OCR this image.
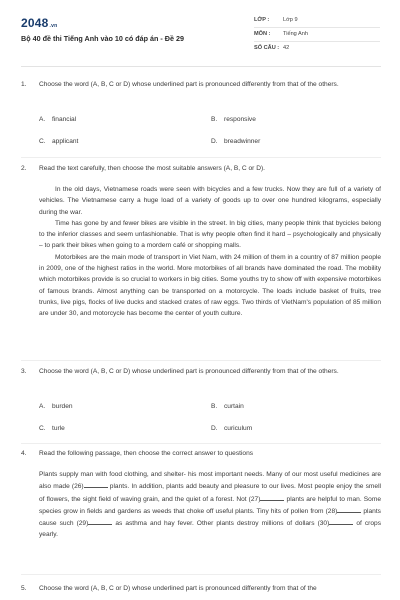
2048.vn
Bộ 40 đề thi Tiếng Anh vào 10 có đáp án - Đề 29
LỚP : Lớp 9
MÔN : Tiếng Anh
SỐ CÂU : 42
1. Choose the word (A, B, C or D) whose underlined part is pronounced differently from that of the others.
A. financial	B. responsive
C. applicant	D. breadwinner
2. Read the text carefully, then choose the most suitable answers (A, B, C or D).

In the old days, Vietnamese roads were seen with bicycles and a few trucks. Now they are full of a variety of vehicles. The Vietnamese carry a huge load of a variety of goods up to over one hundred kilograms, especially during the war.

Time has gone by and fewer bikes are visible in the street. In big cities, many people think that bycicles belong to the inferior classes and seem unfashionable. That is why people often find it hard – psychologically and physically – to park their bikes when going to a mordern café or shopping malls.

Motorbikes are the main mode of transport in Viet Nam, with 24 million of them in a country of 87 million people in 2009, one of the highest ratios in the world. More motorbikes of all brands have dominated the road. The mobility which motorbikes provide is so crucial to workers in big cities. Some youths try to show off with expensive motorbikes of famous brands. Almost anything can be transported on a motorcycle. The loads include basket of fruits, tree trunks, live pigs, flocks of live ducks and stacked crates of raw eggs. Two thirds of VietNam's population of 85 million are under 30, and motorcycle has become the center of youth culture.

3. Choose the word (A, B, C or D) whose underlined part is pronounced differently from that of the others.
A. burden	B. curtain
C. turle	D. curiculum
4. Read the following passage, then choose the correct answer to questions

Plants supply man with food clothing, and shelter- his most important needs. Many of our most useful medicines are also made (26)	plants. In addition, plants add beauty and pleasure to our lives. Most people enjoy the smell of flowers, the sight field of waving grain, and the quiet of a forest. Not (27)	plants are helpful to man. Some species grow in fields and gardens as weeds that choke off useful plants. Tiny hits of pollen from (28)	plants cause such (29)	as asthma and hay fever. Other plants destroy millions of dollars (30)	of crops yearly.

5. Choose the word (A, B, C or D) whose underlined part is pronounced differently from that of the
